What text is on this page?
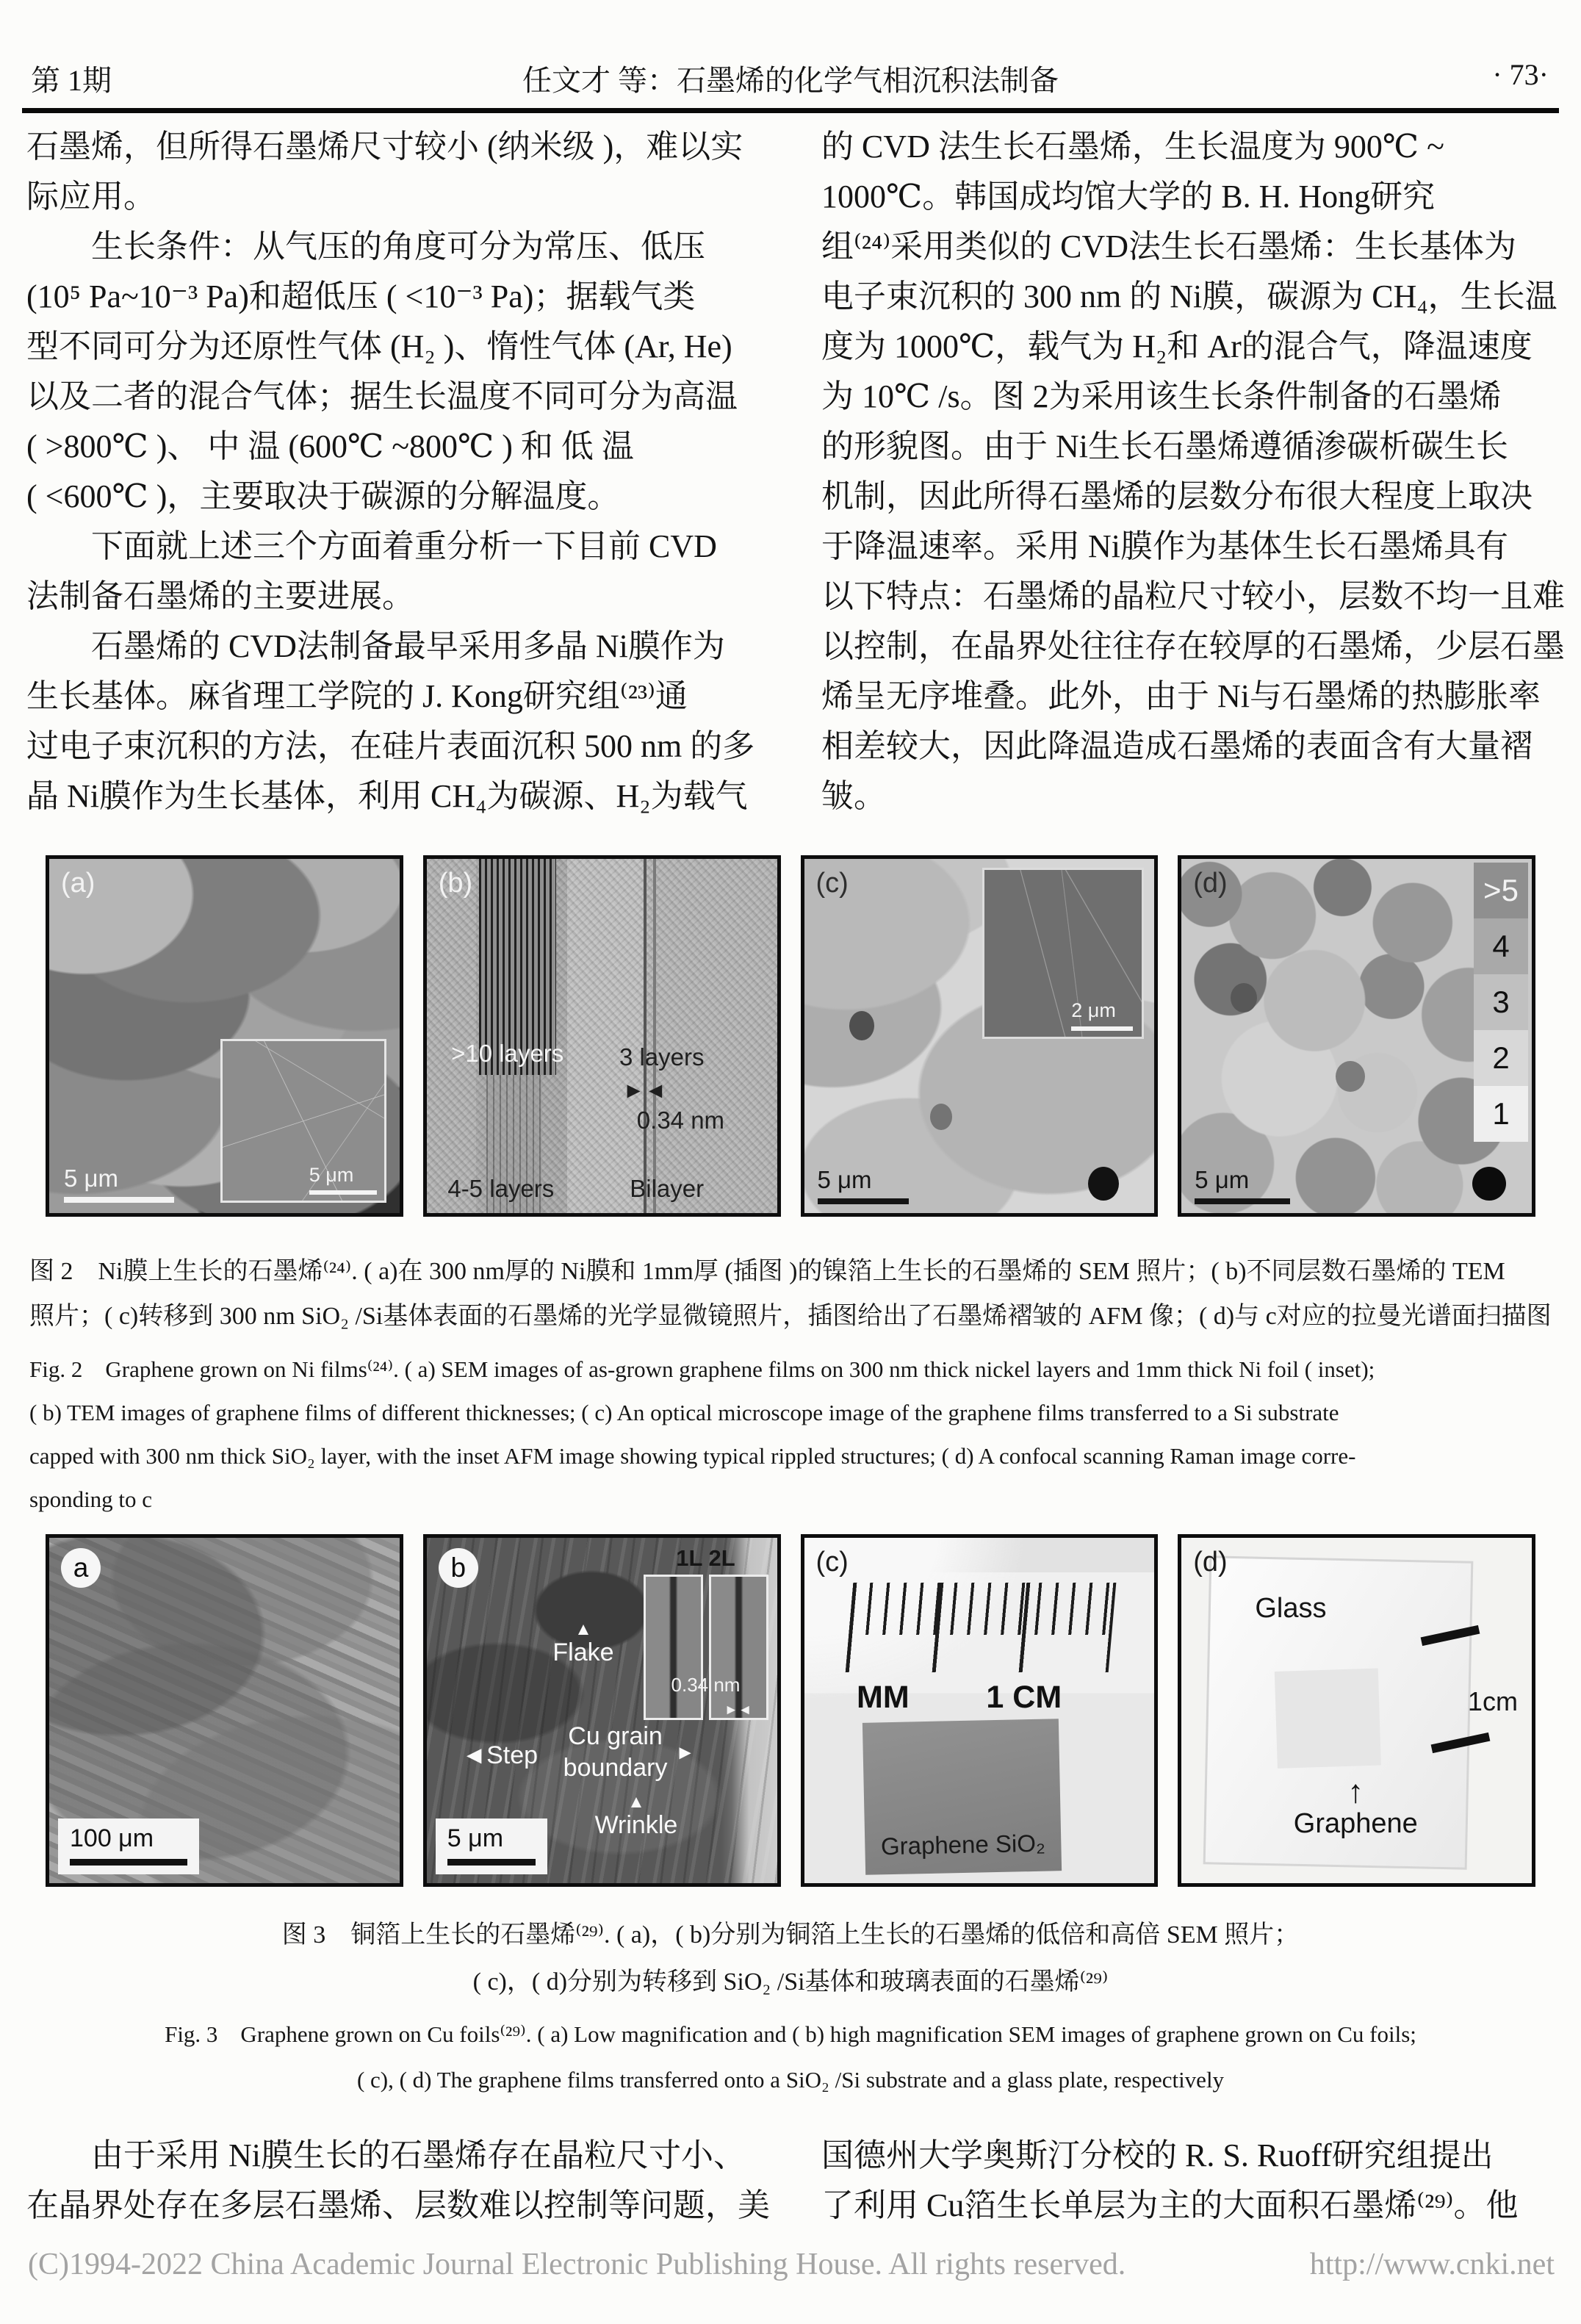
第 1期	任文才 等：石墨烯的化学气相沉积法制备	· 73·
石墨烯，但所得石墨烯尺寸较小 (纳米级 )，难以实
际应用。
　　生长条件：从气压的角度可分为常压、低压
(10⁵ Pa~10⁻³ Pa)和超低压 ( <10⁻³ Pa)；据载气类
型不同可分为还原性气体 (H₂ )、惰性气体 (Ar, He)
以及二者的混合气体；据生长温度不同可分为高温
( >800℃ )、 中 温 (600℃ ~800℃ ) 和 低 温
( <600℃ )，主要取决于碳源的分解温度。
　　下面就上述三个方面着重分析一下目前 CVD
法制备石墨烯的主要进展。
　　石墨烯的 CVD法制备最早采用多晶 Ni膜作为
生长基体。麻省理工学院的 J. Kong研究组⁽²³⁾通
过电子束沉积的方法，在硅片表面沉积 500 nm 的多
晶 Ni膜作为生长基体，利用 CH₄为碳源、H₂为载气
的 CVD 法生长石墨烯，生长温度为 900℃ ~
1000℃。韩国成均馆大学的 B. H. Hong研究
组⁽²⁴⁾采用类似的 CVD法生长石墨烯：生长基体为
电子束沉积的 300 nm 的 Ni膜，碳源为 CH₄，生长温
度为 1000℃，载气为 H₂和 Ar的混合气，降温速度
为 10℃ /s。图 2为采用该生长条件制备的石墨烯
的形貌图。由于 Ni生长石墨烯遵循渗碳析碳生长
机制，因此所得石墨烯的层数分布很大程度上取决
于降温速率。采用 Ni膜作为基体生长石墨烯具有
以下特点：石墨烯的晶粒尺寸较小，层数不均一且难
以控制，在晶界处往往存在较厚的石墨烯，少层石墨
烯呈无序堆叠。此外，由于 Ni与石墨烯的热膨胀率
相差较大，因此降温造成石墨烯的表面含有大量褶
皱。
(a)
5 μm
5 μm
(b)
>10 layers 3 layers
►◄
0.34 nm
4-5 layers	Bilayer
(c)
2 μm
5 μm
(d)	>5
4
3
2
1
5 μm
图 2　Ni膜上生长的石墨烯⁽²⁴⁾. ( a)在 300 nm厚的 Ni膜和 1mm厚 (插图 )的镍箔上生长的石墨烯的 SEM 照片；( b)不同层数石墨烯的 TEM
照片；( c)转移到 300 nm SiO₂ /Si基体表面的石墨烯的光学显微镜照片，插图给出了石墨烯褶皱的 AFM 像；( d)与 c对应的拉曼光谱面扫描图
Fig. 2　Graphene grown on Ni films⁽²⁴⁾. ( a) SEM images of as-grown graphene films on 300 nm thick nickel layers and 1mm thick Ni foil ( inset);
( b) TEM images of graphene films of different thicknesses; ( c) An optical microscope image of the graphene films transferred to a Si substrate
capped with 300 nm thick SiO₂ layer, with the inset AFM image showing typical rippled structures; ( d) A confocal scanning Raman image corre-
sponding to c
a
100 μm
b	1L 2L
0.34 nm
►◄
▲
Flake
◄Step
Cu grain
boundary
►
▲
Wrinkle
5 μm
(c)
MM 1 CM
Graphene SiO₂
(d)
Glass
1cm
↑
Graphene
图 3　铜箔上生长的石墨烯⁽²⁹⁾. ( a)，( b)分别为铜箔上生长的石墨烯的低倍和高倍 SEM 照片；
( c)，( d)分别为转移到 SiO₂ /Si基体和玻璃表面的石墨烯⁽²⁹⁾
Fig. 3　Graphene grown on Cu foils⁽²⁹⁾. ( a) Low magnification and ( b) high magnification SEM images of graphene grown on Cu foils;
( c), ( d) The graphene films transferred onto a SiO₂ /Si substrate and a glass plate, respectively
　　由于采用 Ni膜生长的石墨烯存在晶粒尺寸小、
在晶界处存在多层石墨烯、层数难以控制等问题，美
国德州大学奥斯汀分校的 R. S. Ruoff研究组提出
了利用 Cu箔生长单层为主的大面积石墨烯⁽²⁹⁾。他
(C)1994-2022 China Academic Journal Electronic Publishing House. All rights reserved.	http://www.cnki.net
